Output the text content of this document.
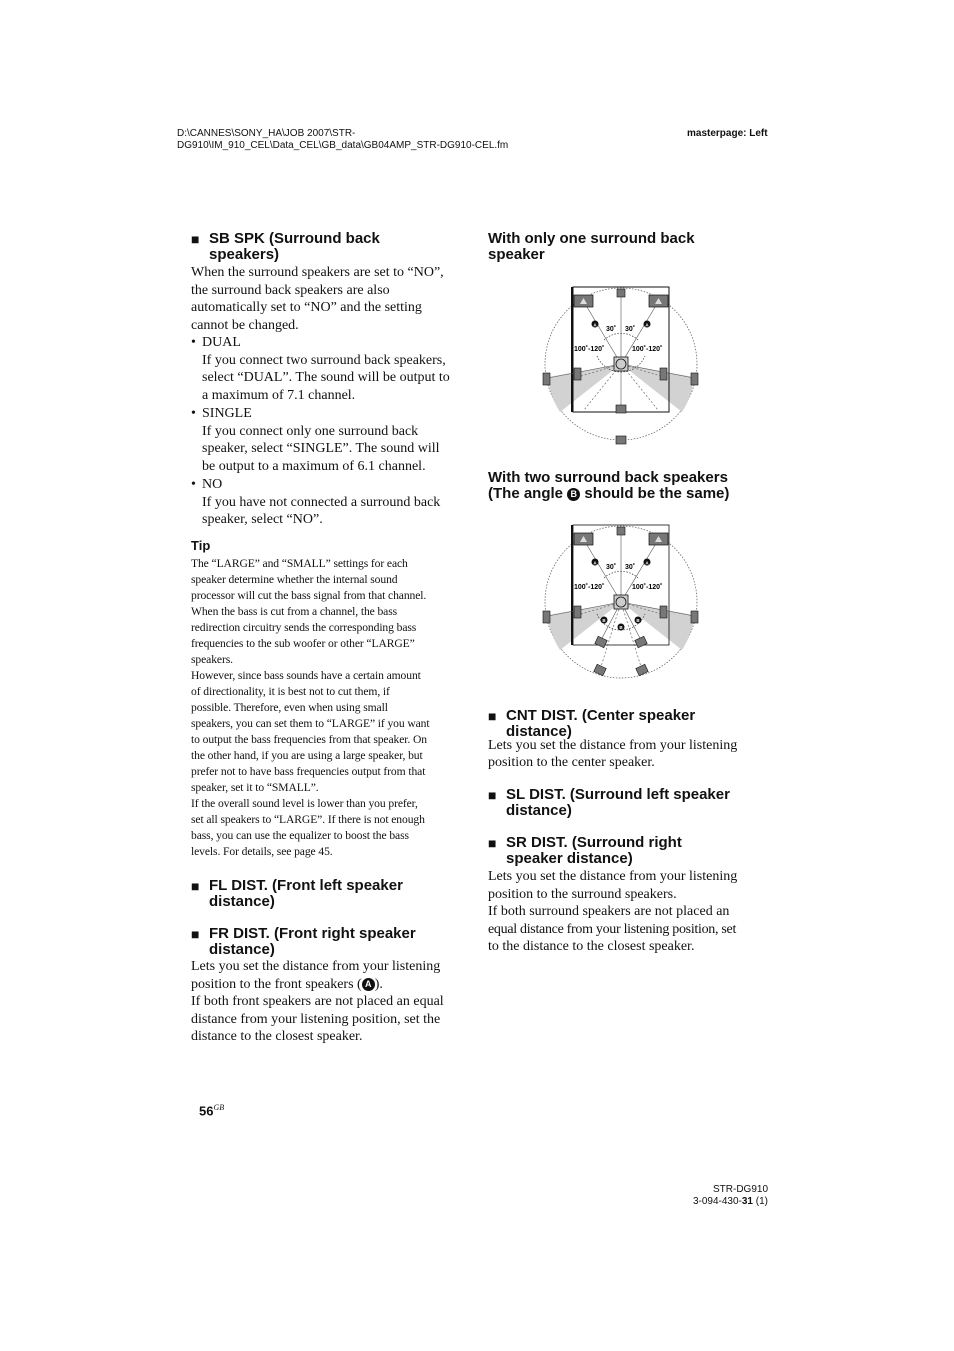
D:\CANNES\SONY_HA\JOB 2007\STR-
DG910\IM_910_CEL\Data_CEL\GB_data\GB04AMP_STR-DG910-CEL.fm
masterpage: Left
■ SB SPK (Surround back
speakers)
When the surround speakers are set to “NO”,
the surround back speakers are also
automatically set to “NO” and the setting
cannot be changed.
• DUAL
If you connect two surround back speakers,
select “DUAL”. The sound will be output to
a maximum of 7.1 channel.
• SINGLE
If you connect only one surround back
speaker, select “SINGLE”. The sound will
be output to a maximum of 6.1 channel.
• NO
If you have not connected a surround back
speaker, select “NO”.
Tip
The “LARGE” and “SMALL” settings for each
speaker determine whether the internal sound
processor will cut the bass signal from that channel.
When the bass is cut from a channel, the bass
redirection circuitry sends the corresponding bass
frequencies to the sub woofer or other “LARGE”
speakers.
However, since bass sounds have a certain amount
of directionality, it is best not to cut them, if
possible. Therefore, even when using small
speakers, you can set them to “LARGE” if you want
to output the bass frequencies from that speaker. On
the other hand, if you are using a large speaker, but
prefer not to have bass frequencies output from that
speaker, set it to “SMALL”.
If the overall sound level is lower than you prefer,
set all speakers to “LARGE”. If there is not enough
bass, you can use the equalizer to boost the bass
levels. For details, see page 45.
■ FL DIST. (Front left speaker
distance)
■ FR DIST. (Front right speaker
distance)
Lets you set the distance from your listening
position to the front speakers ( A ).
If both front speakers are not placed an equal
distance from your listening position, set the
distance to the closest speaker.
$56^{GB}$
With only one surround back
speaker
A	A
30˚ 30˚
100˚-120˚	100˚-120˚
With two surround back speakers
(The angle B should be the same)
A	A
B	B
B
30˚ 30˚
100˚-120˚	100˚-120˚
■ CNT DIST. (Center speaker
distance)
Lets you set the distance from your listening
position to the center speaker.
■ SL DIST. (Surround left speaker
distance)
■ SR DIST. (Surround right
speaker distance)
Lets you set the distance from your listening
position to the surround speakers.
If both surround speakers are not placed an
equal distance from your listening position, set
to the distance to the closest speaker.
STR-DG910
3-094-430-31 (1)
